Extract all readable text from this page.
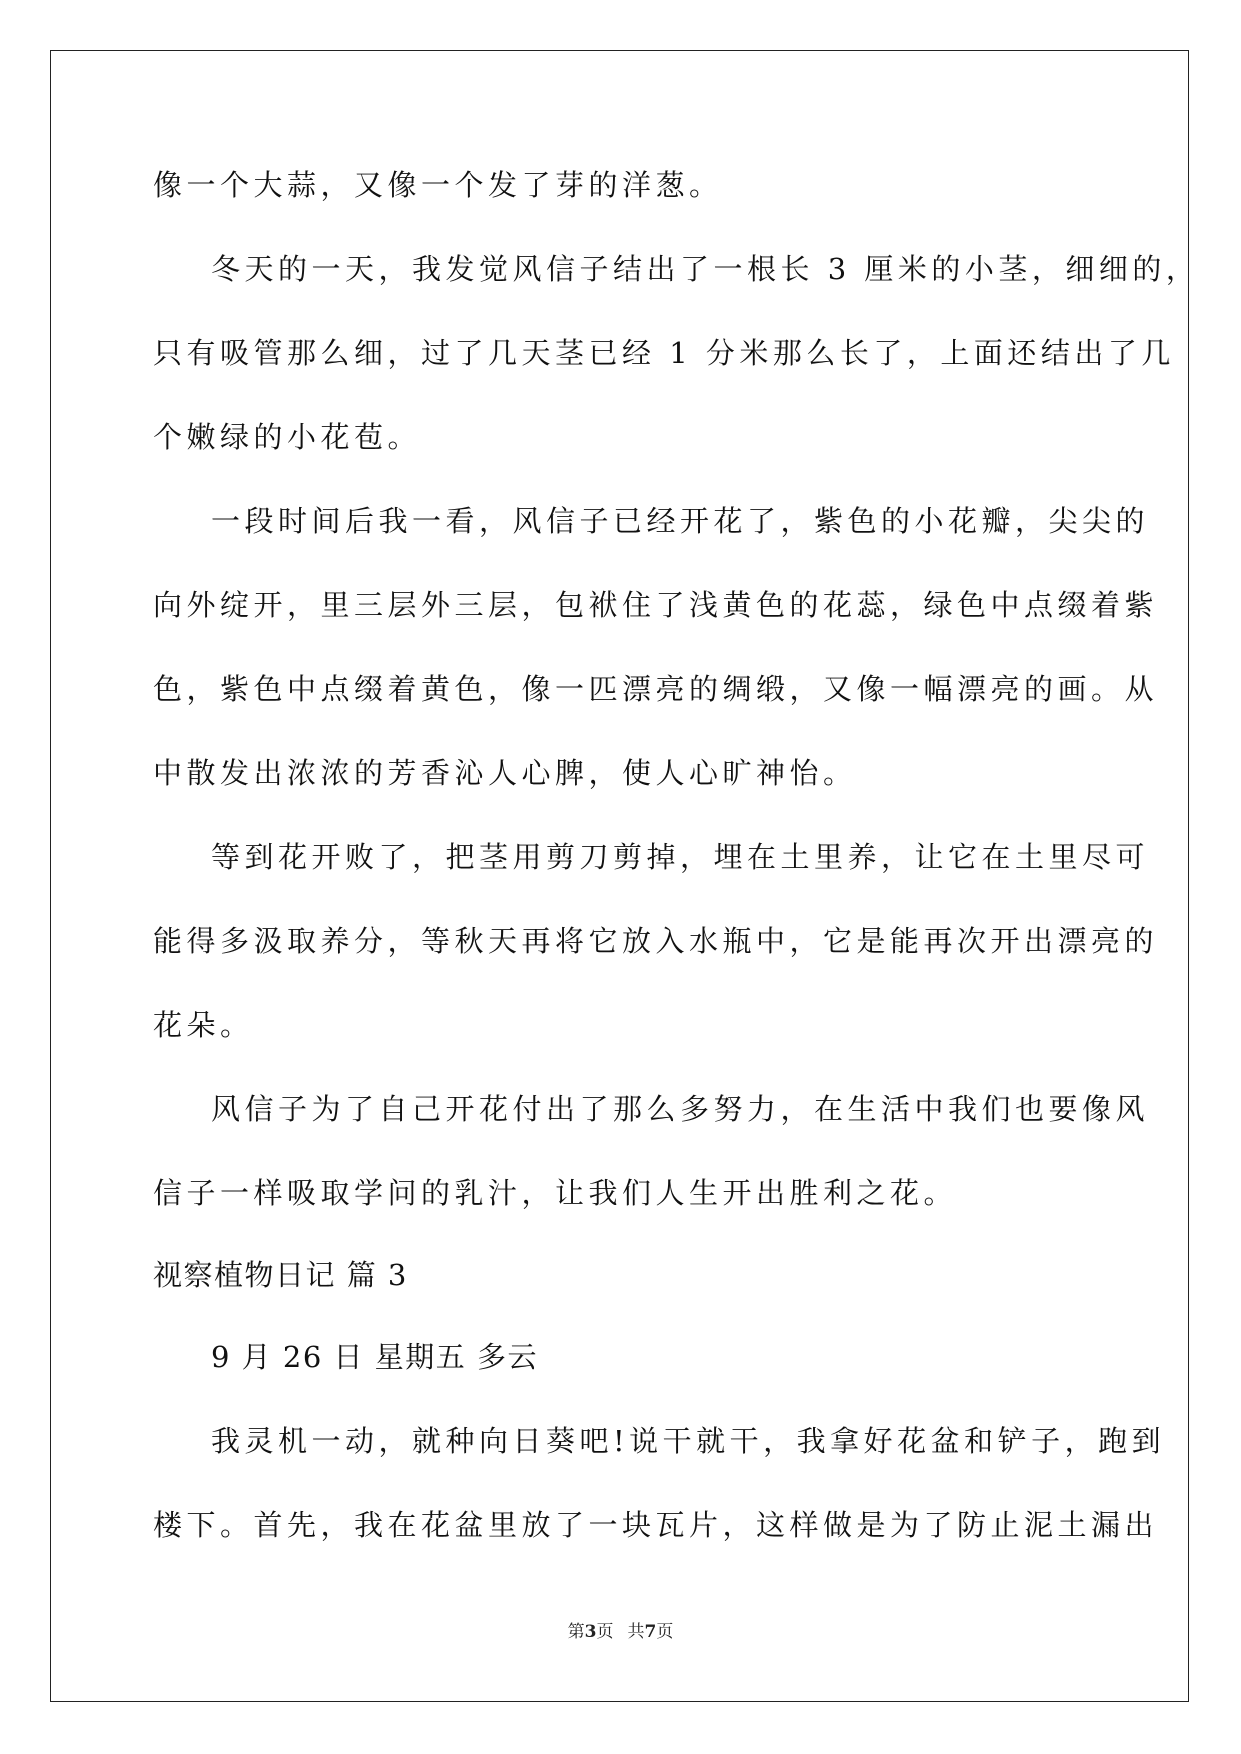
像一个大蒜，又像一个发了芽的洋葱。
冬天的一天，我发觉风信子结出了一根长 3 厘米的小茎，细细的，
只有吸管那么细，过了几天茎已经 1 分米那么长了，上面还结出了几
个嫩绿的小花苞。
一段时间后我一看，风信子已经开花了，紫色的小花瓣，尖尖的
向外绽开，里三层外三层，包袱住了浅黄色的花蕊，绿色中点缀着紫
色，紫色中点缀着黄色，像一匹漂亮的绸缎，又像一幅漂亮的画。从
中散发出浓浓的芳香沁人心脾，使人心旷神怡。
等到花开败了，把茎用剪刀剪掉，埋在土里养，让它在土里尽可
能得多汲取养分，等秋天再将它放入水瓶中，它是能再次开出漂亮的
花朵。
风信子为了自己开花付出了那么多努力，在生活中我们也要像风
信子一样吸取学问的乳汁，让我们人生开出胜利之花。
视察植物日记 篇 3
9 月 26 日 星期五 多云
我灵机一动，就种向日葵吧!说干就干，我拿好花盆和铲子，跑到
楼下。首先，我在花盆里放了一块瓦片，这样做是为了防止泥土漏出
第3页 共7页
